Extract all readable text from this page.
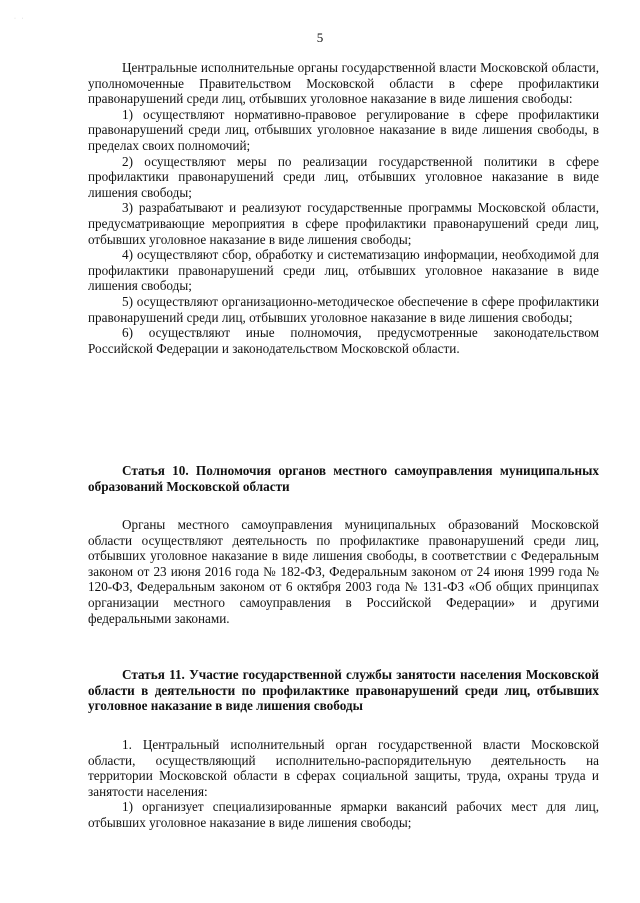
· ·
5

Центральные исполнительные органы государственной власти Московской области, уполномоченные Правительством Московской области в сфере профилактики правонарушений среди лиц, отбывших уголовное наказание в виде лишения свободы:

1) осуществляют нормативно-правовое регулирование в сфере профилактики правонарушений среди лиц, отбывших уголовное наказание в виде лишения свободы, в пределах своих полномочий;

2) осуществляют меры по реализации государственной политики в сфере профилактики правонарушений среди лиц, отбывших уголовное наказание в виде лишения свободы;

3) разрабатывают и реализуют государственные программы Московской области, предусматривающие мероприятия в сфере профилактики правонарушений среди лиц, отбывших уголовное наказание в виде лишения свободы;

4) осуществляют сбор, обработку и систематизацию информации, необходимой для профилактики правонарушений среди лиц, отбывших уголовное наказание в виде лишения свободы;

5) осуществляют организационно-методическое обеспечение в сфере профилактики правонарушений среди лиц, отбывших уголовное наказание в виде лишения свободы;

6) осуществляют иные полномочия, предусмотренные законодательством Российской Федерации и законодательством Московской области.

Статья 10. Полномочия органов местного самоуправления муниципальных образований Московской области

Органы местного самоуправления муниципальных образований Московской области осуществляют деятельность по профилактике правонарушений среди лиц, отбывших уголовное наказание в виде лишения свободы, в соответствии с Федеральным законом от 23 июня 2016 года № 182-ФЗ, Федеральным законом от 24 июня 1999 года № 120-ФЗ, Федеральным законом от 6 октября 2003 года № 131-ФЗ «Об общих принципах организации местного самоуправления в Российской Федерации» и другими федеральными законами.

Статья 11. Участие государственной службы занятости населения Московской области в деятельности по профилактике правонарушений среди лиц, отбывших уголовное наказание в виде лишения свободы

1. Центральный исполнительный орган государственной власти Московской области, осуществляющий исполнительно-распорядительную деятельность на территории Московской области в сферах социальной защиты, труда, охраны труда и занятости населения:

1) организует специализированные ярмарки вакансий рабочих мест для лиц, отбывших уголовное наказание в виде лишения свободы;
